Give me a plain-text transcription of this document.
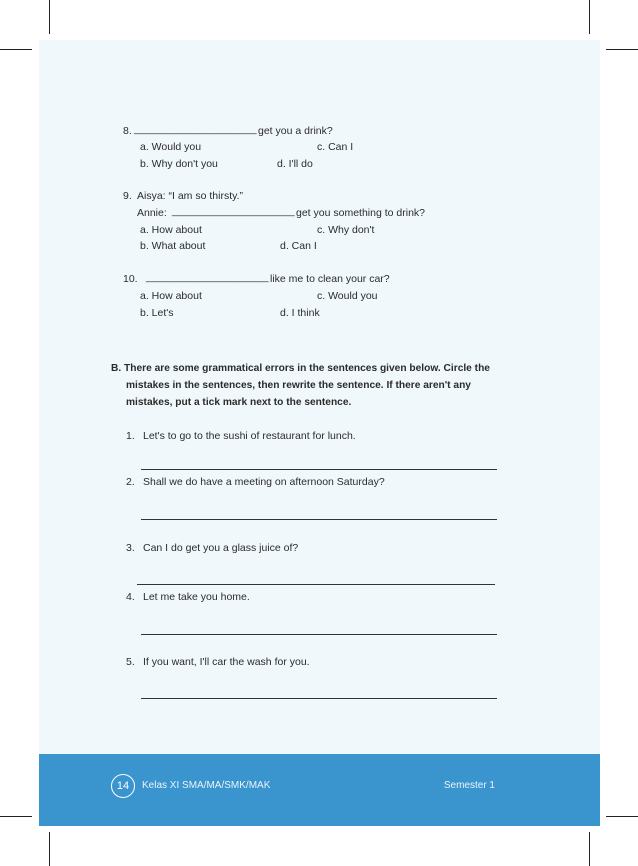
8. _____________________ get you a drink?
a. Would you	c. Can I
b. Why don't you	d. I'll do
9. Aisya: “I am so thirsty.”
Annie: _____________________ get you something to drink?
a. How about	c. Why don't
b. What about	d. Can I
10. _____________________ like me to clean your car?
a. How about	c. Would you
b. Let's	d. I think
B. There are some grammatical errors in the sentences given below. Circle the
mistakes in the sentences, then rewrite the sentence. If there aren't any
mistakes, put a tick mark next to the sentence.
1. Let's to go to the sushi of restaurant for lunch.
2. Shall we do have a meeting on afternoon Saturday?
3. Can I do get you a glass juice of?
4. Let me take you home.
5. If you want, I'll car the wash for you.
14	Kelas XI SMA/MA/SMK/MAK	Semester 1
